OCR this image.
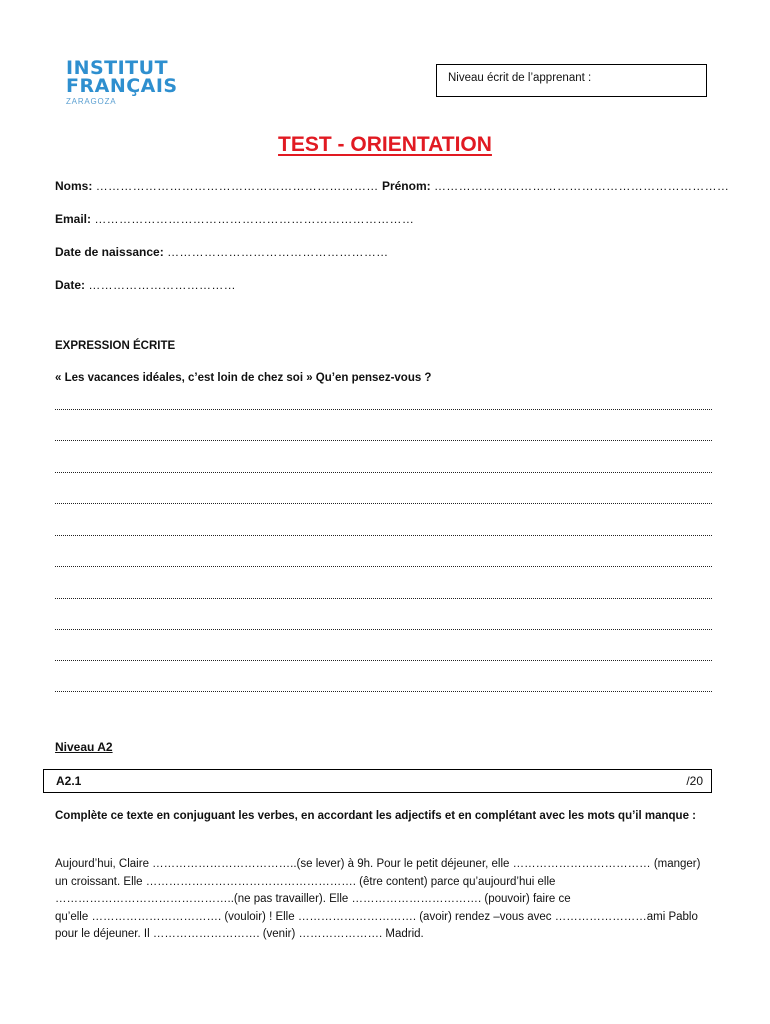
INSTITUT
FRANÇAIS
ZARAGOZA
Niveau écrit de l’apprenant :
TEST - ORIENTATION
Noms: …………………………………………………………… Prénom: ………………………………………………………………
Email: ……………………………………………………………………
Date de naissance: ………………………………………………
Date: ………………………………
EXPRESSION ÉCRITE
« Les vacances idéales, c’est loin de chez soi » Qu’en pensez-vous ?
Niveau A2
A2.1	/20
Complète ce texte en conjuguant les verbes, en accordant les adjectifs et en complétant avec les mots qu’il manque :
Aujourd’hui, Claire ………………………………..(se lever) à 9h. Pour le petit déjeuner, elle ……………………………… (manger)
un croissant. Elle ………………………………………………. (être content) parce qu’aujourd’hui elle
………………………………………..(ne pas travailler). Elle ……………………………. (pouvoir) faire ce
qu’elle ……………………………. (vouloir) ! Elle …………………………. (avoir) rendez –vous avec ……………………ami Pablo
pour le déjeuner. Il ………………………. (venir) …………………. Madrid.
